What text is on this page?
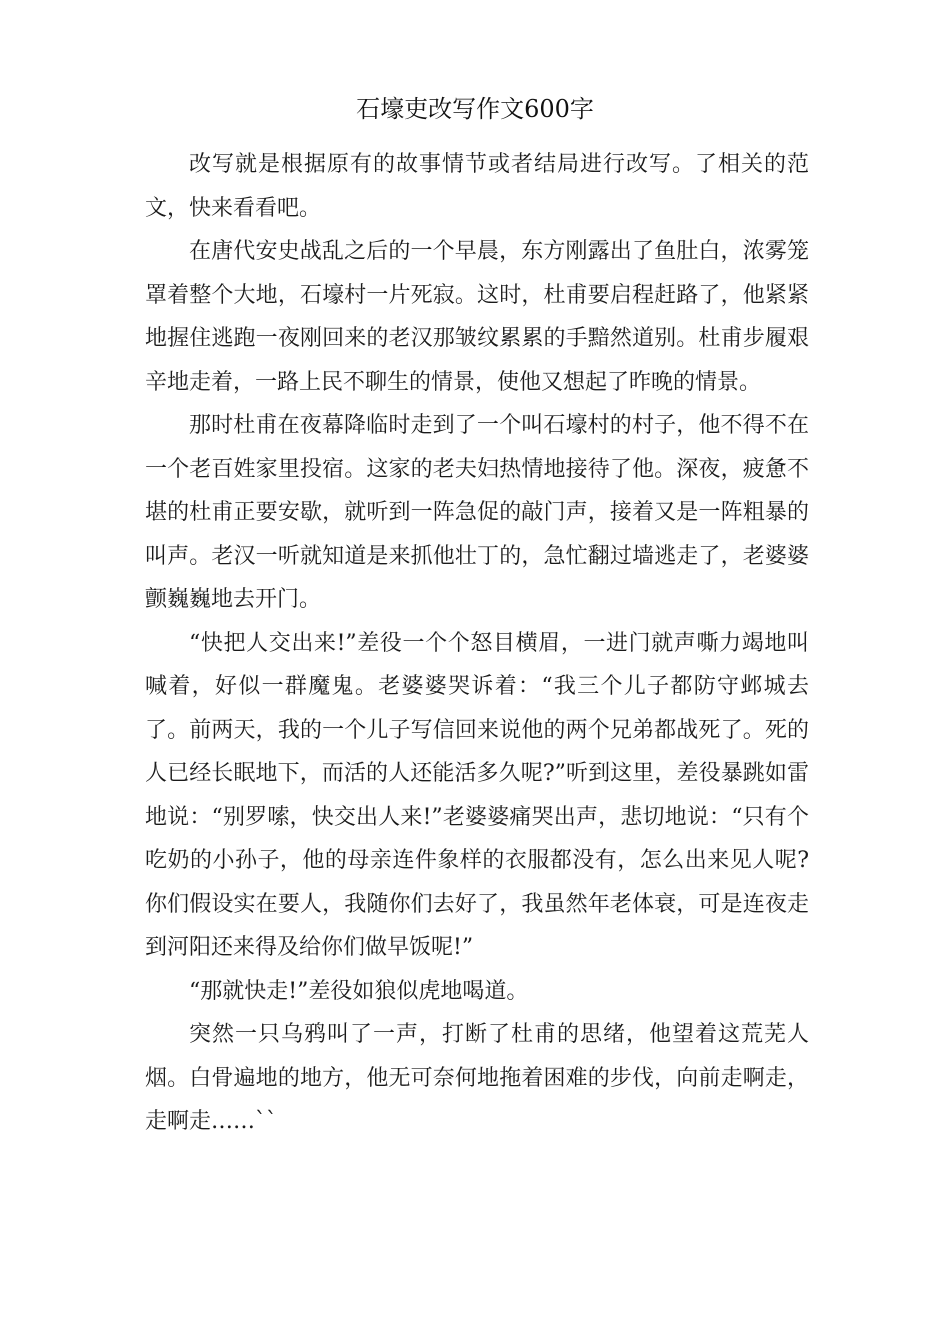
石壕吏改写作文600字

改写就是根据原有的故事情节或者结局进行改写。了相关的范文，快来看看吧。

在唐代安史战乱之后的一个早晨，东方刚露出了鱼肚白，浓雾笼罩着整个大地，石壕村一片死寂。这时，杜甫要启程赶路了，他紧紧地握住逃跑一夜刚回来的老汉那皱纹累累的手黯然道别。杜甫步履艰辛地走着，一路上民不聊生的情景，使他又想起了昨晚的情景。

那时杜甫在夜幕降临时走到了一个叫石壕村的村子，他不得不在一个老百姓家里投宿。这家的老夫妇热情地接待了他。深夜，疲惫不堪的杜甫正要安歇，就听到一阵急促的敲门声，接着又是一阵粗暴的叫声。老汉一听就知道是来抓他壮丁的，急忙翻过墙逃走了，老婆婆颤巍巍地去开门。

“快把人交出来!”差役一个个怒目横眉，一进门就声嘶力竭地叫喊着，好似一群魔鬼。老婆婆哭诉着：“我三个儿子都防守邺城去了。前两天，我的一个儿子写信回来说他的两个兄弟都战死了。死的人已经长眠地下，而活的人还能活多久呢?”听到这里，差役暴跳如雷地说：“别罗嗦，快交出人来!”老婆婆痛哭出声，悲切地说：“只有个吃奶的小孙子，他的母亲连件象样的衣服都没有，怎么出来见人呢?你们假设实在要人，我随你们去好了，我虽然年老体衰，可是连夜走到河阳还来得及给你们做早饭呢!”

“那就快走!”差役如狼似虎地喝道。

突然一只乌鸦叫了一声，打断了杜甫的思绪，他望着这荒芜人烟。白骨遍地的地方，他无可奈何地拖着困难的步伐，向前走啊走，走啊走……``
